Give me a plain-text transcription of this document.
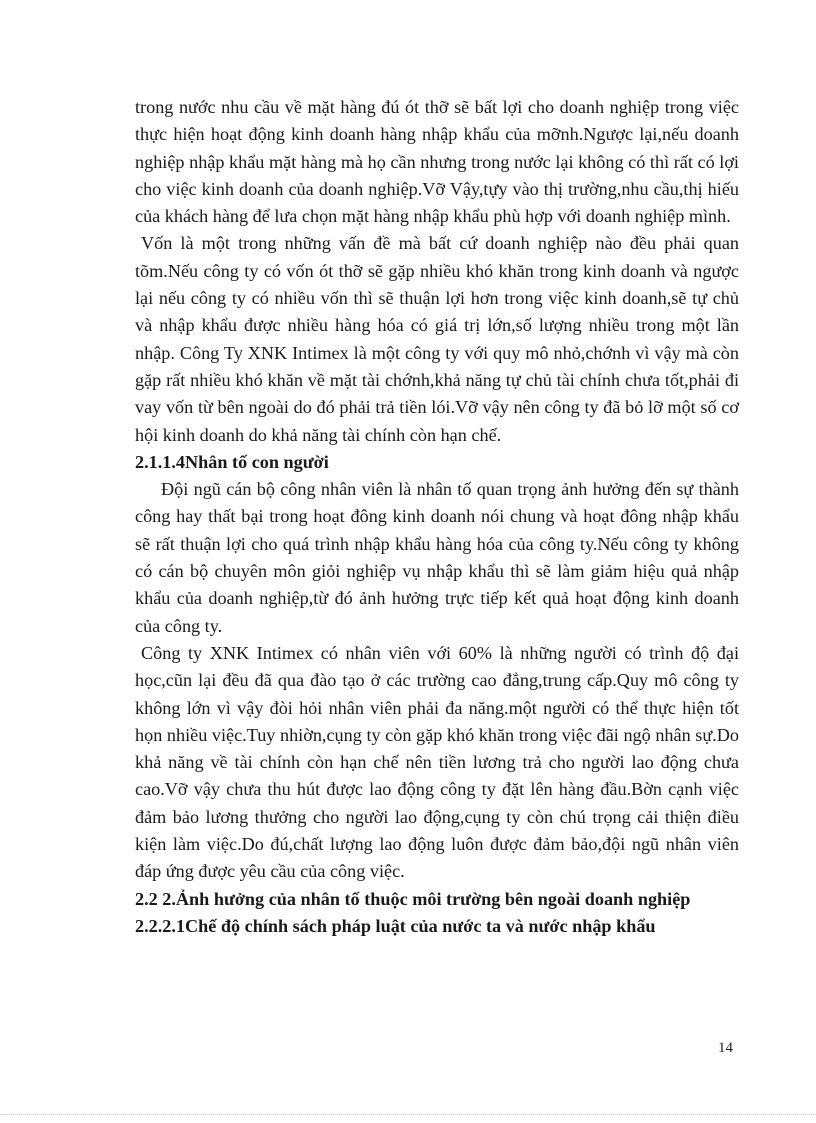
trong nước nhu cầu về mặt hàng đú ót thỡ sẽ bất lợi cho doanh nghiệp trong việc thực hiện hoạt động kinh doanh hàng nhập khẩu của mỡnh.Ngược lại,nếu doanh nghiệp nhập khẩu mặt hàng mà họ cần nhưng trong nước lại không có thì rất có lợi cho việc kinh doanh của doanh nghiệp.Vỡ Vậy,tựy vào thị trường,nhu cầu,thị hiếu của khách hàng để lưa chọn mặt hàng nhập khẩu phù hợp với doanh nghiệp mình.

Vốn là một trong những vấn đề mà bất cứ doanh nghiệp nào đều phải quan tõm.Nếu công ty có vốn ót thỡ sẽ gặp nhiều khó khăn trong kinh doanh và ngược lại nếu công ty có nhiều vốn thì sẽ thuận lợi hơn trong việc kinh doanh,sẽ tự chủ và nhập khẩu được nhiều hàng hóa có giá trị lớn,số lượng nhiều trong một lần nhập. Công Ty XNK Intimex là một công ty với quy mô nhỏ,chớnh vì vậy mà còn gặp rất nhiều khó khăn về mặt tài chớnh,khả năng tự chủ tài chính chưa tốt,phải đi vay vốn từ bên ngoài do đó phải trả tiền lói.Vỡ vậy nên công ty đã bỏ lỡ một số cơ hội kinh doanh do khả năng tài chính còn hạn chế.

2.1.1.4Nhân tố con người

Đội ngũ cán bộ công nhân viên là nhân tố quan trọng ảnh hưởng đến sự thành công hay thất bại trong hoạt đông kinh doanh nói chung và hoạt đông nhập khẩu sẽ rất thuận lợi cho quá trình nhập khẩu hàng hóa của công ty.Nếu công ty không có cán bộ chuyên môn giỏi nghiệp vụ nhập khẩu thì sẽ làm giảm hiệu quả nhập khẩu của doanh nghiệp,từ đó ảnh hưởng trực tiếp kết quả hoạt động kinh doanh của công ty.

Công ty XNK Intimex có nhân viên với 60% là những người có trình độ đại học,cũn lại đều đã qua đào tạo ở các trường cao đẳng,trung cấp.Quy mô công ty không lớn vì vậy đòi hỏi nhân viên phải đa năng.một người có thể thực hiện tốt họn nhiều việc.Tuy nhiờn,cụng ty còn gặp khó khăn trong việc đãi ngộ nhân sự.Do khả năng về tài chính còn hạn chế nên tiền lương trả cho người lao động chưa cao.Vỡ vậy chưa thu hút được lao động công ty đặt lên hàng đầu.Bờn cạnh việc đảm bảo lương thưởng cho người lao động,cụng ty còn chú trọng cải thiện điều kiện làm việc.Do đú,chất lượng lao động luôn được đảm bảo,đội ngũ nhân viên đáp ứng được yêu cầu của công việc.

2.2 2.Ảnh hưởng của nhân tố thuộc môi trường bên ngoài doanh nghiệp

2.2.2.1Chế độ chính sách pháp luật của nước ta và nước nhập khẩu

14
